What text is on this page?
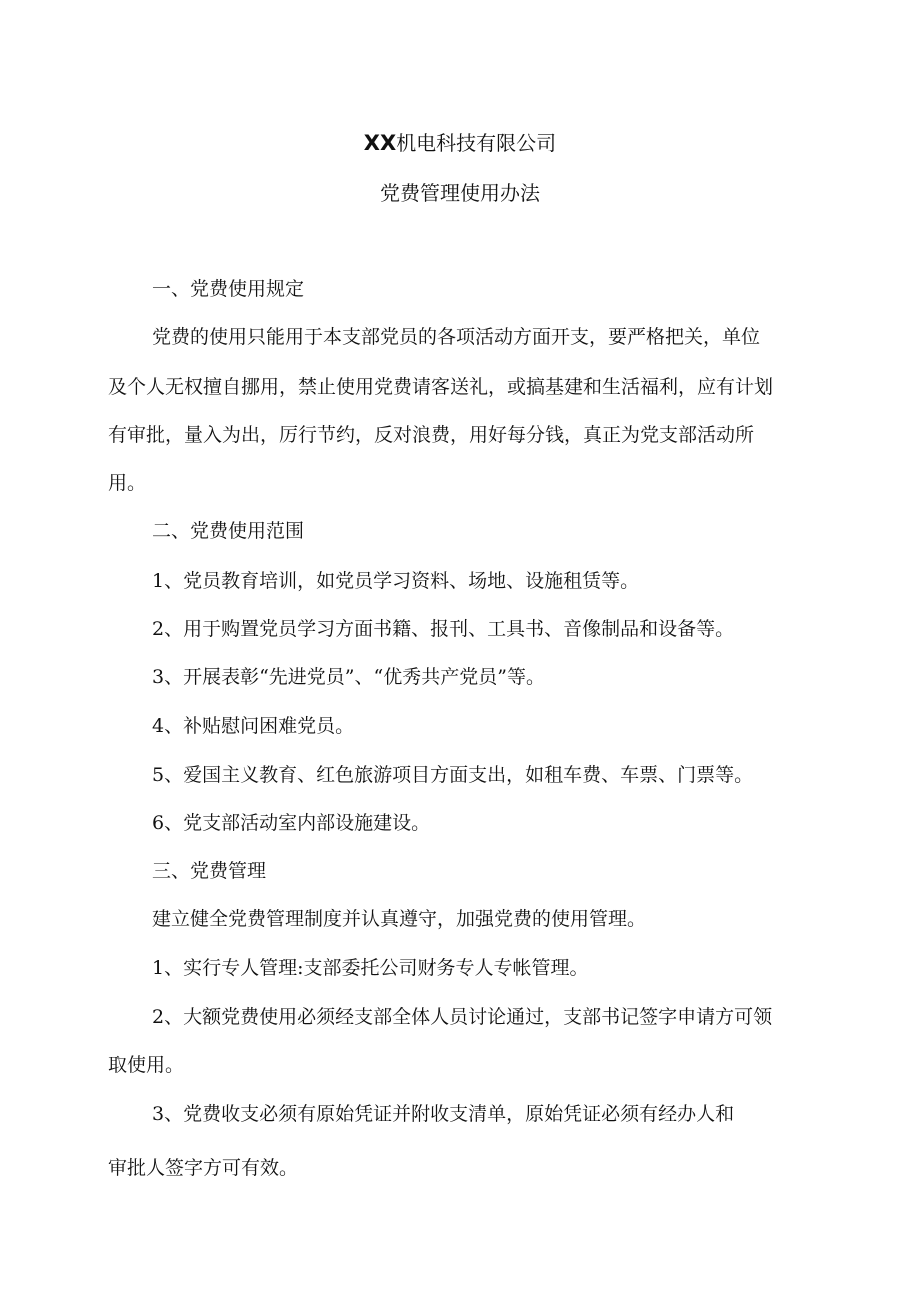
XX机电科技有限公司
党费管理使用办法
一、党费使用规定
党费的使用只能用于本支部党员的各项活动方面开支，要严格把关，单位
及个人无权擅自挪用，禁止使用党费请客送礼，或搞基建和生活福利，应有计划
有审批，量入为出，厉行节约，反对浪费，用好每分钱，真正为党支部活动所
用。
二、党费使用范围
1、党员教育培训，如党员学习资料、场地、设施租赁等。
2、用于购置党员学习方面书籍、报刊、工具书、音像制品和设备等。
3、开展表彰“先进党员”、“优秀共产党员”等。
4、补贴慰问困难党员。
5、爱国主义教育、红色旅游项目方面支出，如租车费、车票、门票等。
6、党支部活动室内部设施建设。
三、党费管理
建立健全党费管理制度并认真遵守，加强党费的使用管理。
1、实行专人管理:支部委托公司财务专人专帐管理。
2、大额党费使用必须经支部全体人员讨论通过，支部书记签字申请方可领
取使用。
3、党费收支必须有原始凭证并附收支清单，原始凭证必须有经办人和
审批人签字方可有效。
